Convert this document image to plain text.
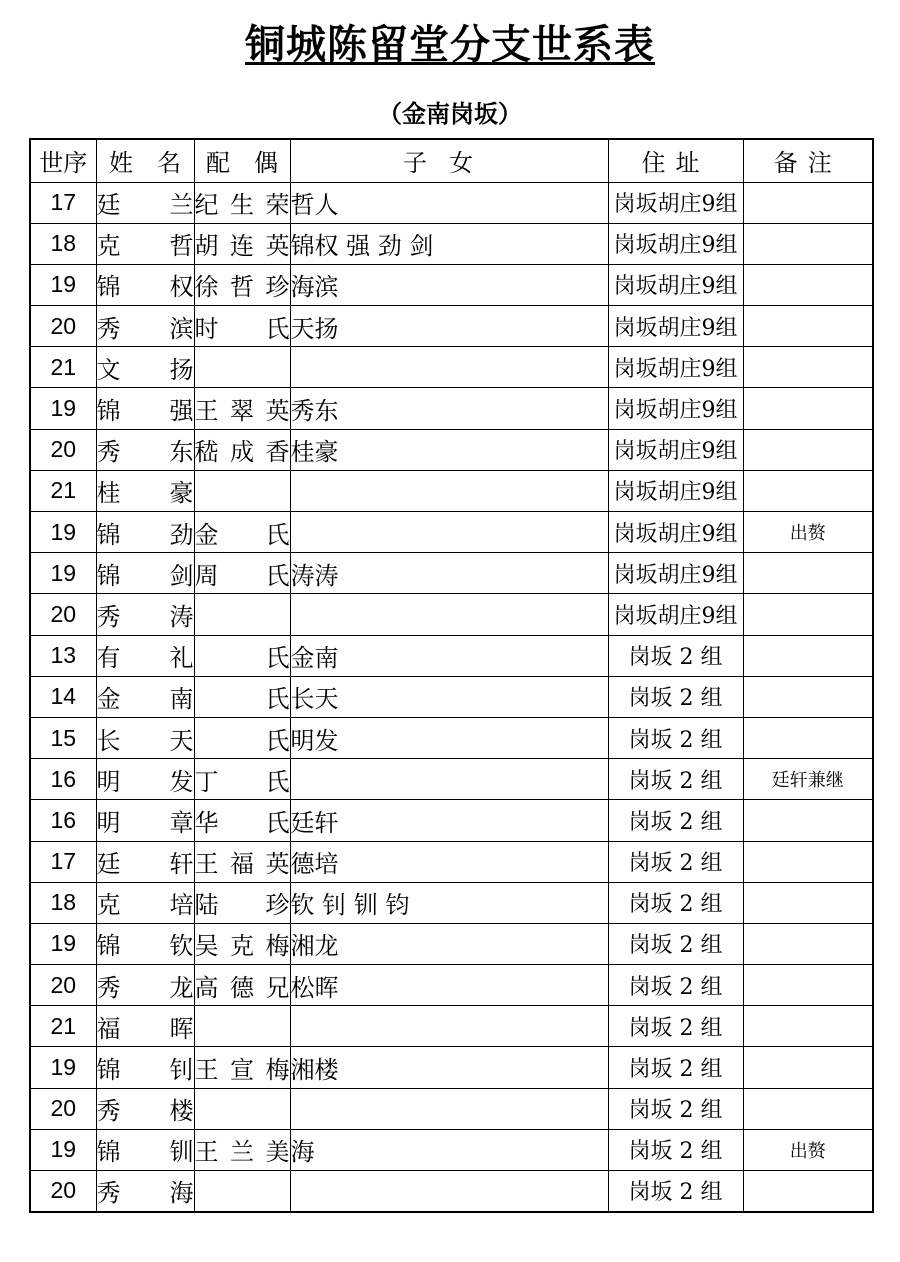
铜城陈留堂分支世系表
（金南岗坂）
世序	姓　名	配　偶	子女	住址	备注
17	廷兰	纪生荣	哲人	岗坂胡庄9组	
18	克哲	胡连英	锦权 强 劲 剑	岗坂胡庄9组	
19	锦权	徐哲珍	海滨	岗坂胡庄9组	
20	秀滨	时氏	天扬	岗坂胡庄9组	
21	文扬			岗坂胡庄9组	
19	锦强	王翠英	秀东	岗坂胡庄9组	
20	秀东	嵇成香	桂豪	岗坂胡庄9组	
21	桂豪			岗坂胡庄9组	
19	锦劲	金氏		岗坂胡庄9组	出赘
19	锦剑	周氏	涛涛	岗坂胡庄9组	
20	秀涛			岗坂胡庄9组	
13	有礼	氏	金南	岗坂 2 组	
14	金南	氏	长天	岗坂 2 组	
15	长天	氏	明发	岗坂 2 组	
16	明发	丁氏		岗坂 2 组	廷轩兼继
16	明章	华氏	廷轩	岗坂 2 组	
17	廷轩	王福英	德培	岗坂 2 组	
18	克培	陆珍	钦 钊 钏 钧	岗坂 2 组	
19	锦钦	吴克梅	湘龙	岗坂 2 组	
20	秀龙	高德兄	松晖	岗坂 2 组	
21	福晖			岗坂 2 组	
19	锦钊	王宣梅	湘楼	岗坂 2 组	
20	秀楼			岗坂 2 组	
19	锦钏	王兰美	海	岗坂 2 组	出赘
20	秀海			岗坂 2 组	
